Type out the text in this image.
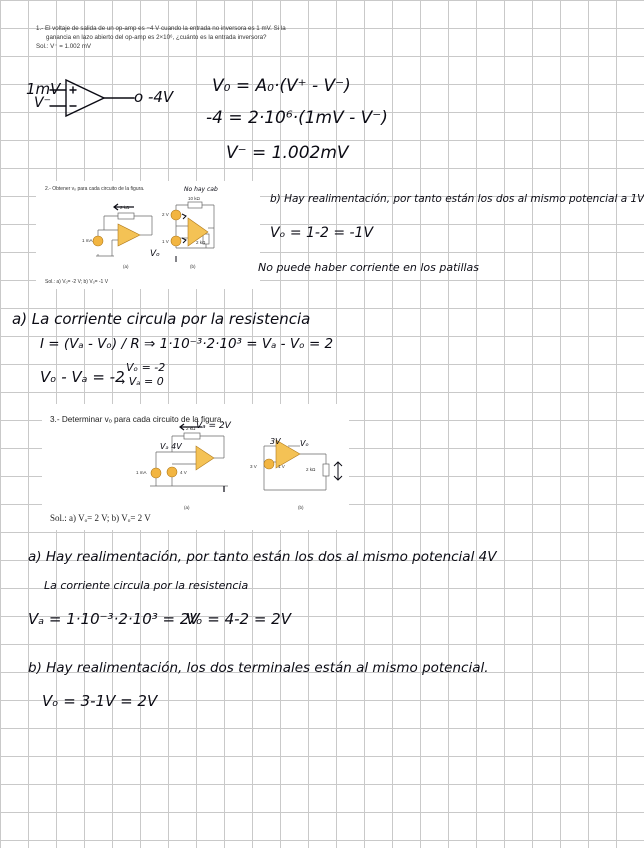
1.- El voltaje de salida de un op-amp es −4 V cuando la entrada no inversora es 1 mV. Si la
ganancia en lazo abierto del op-amp es 2×10⁶, ¿cuánto es la entrada inversora?
Sol.: V⁻ = 1.002 mV
1mV
V⁻	o -4V
V₀ = A₀·(V⁺ - V⁻)
-4 = 2·10⁶·(1mV - V⁻)
V⁻ = 1.002mV
2.- Obtener vₒ para cada circuito de la figura.
Sol.: a) Vₒ= -2 V; b) Vₒ= -1 V
2 kΩ
1 mA
(a)
10 kΩ
2 V
1 V	2 kΩ
(b)
No hay cab
Vₒ
b) Hay realimentación, por tanto están los dos al mismo potencial a 1V
Vₒ = 1-2 = -1V
No puede haber corriente en los patillas
a) La corriente circula por la resistencia
I = (Vₐ - Vₒ) / R ⇒ 1·10⁻³·2·10³ = Vₐ - Vₒ = 2
Vₒ - Vₐ = -2
Vₒ = -2
→ Vₐ = 0
3.- Determinar vₒ para cada circuito de la figura.
Sol.: a) Vₒ= 2 V; b) Vₒ= 2 V
2 kΩ
1 mA	4 V
(a)
3 V	1 V
2 kΩ
(b)
Vₐ = 2V
Vₐ 4V
3V Vₒ
a) Hay realimentación, por tanto están los dos al mismo potencial 4V
La corriente circula por la resistencia
Vₐ = 1·10⁻³·2·10³ = 2V
Vₒ = 4-2 = 2V
b) Hay realimentación, los dos terminales están al mismo potencial.
Vₒ = 3-1V = 2V
